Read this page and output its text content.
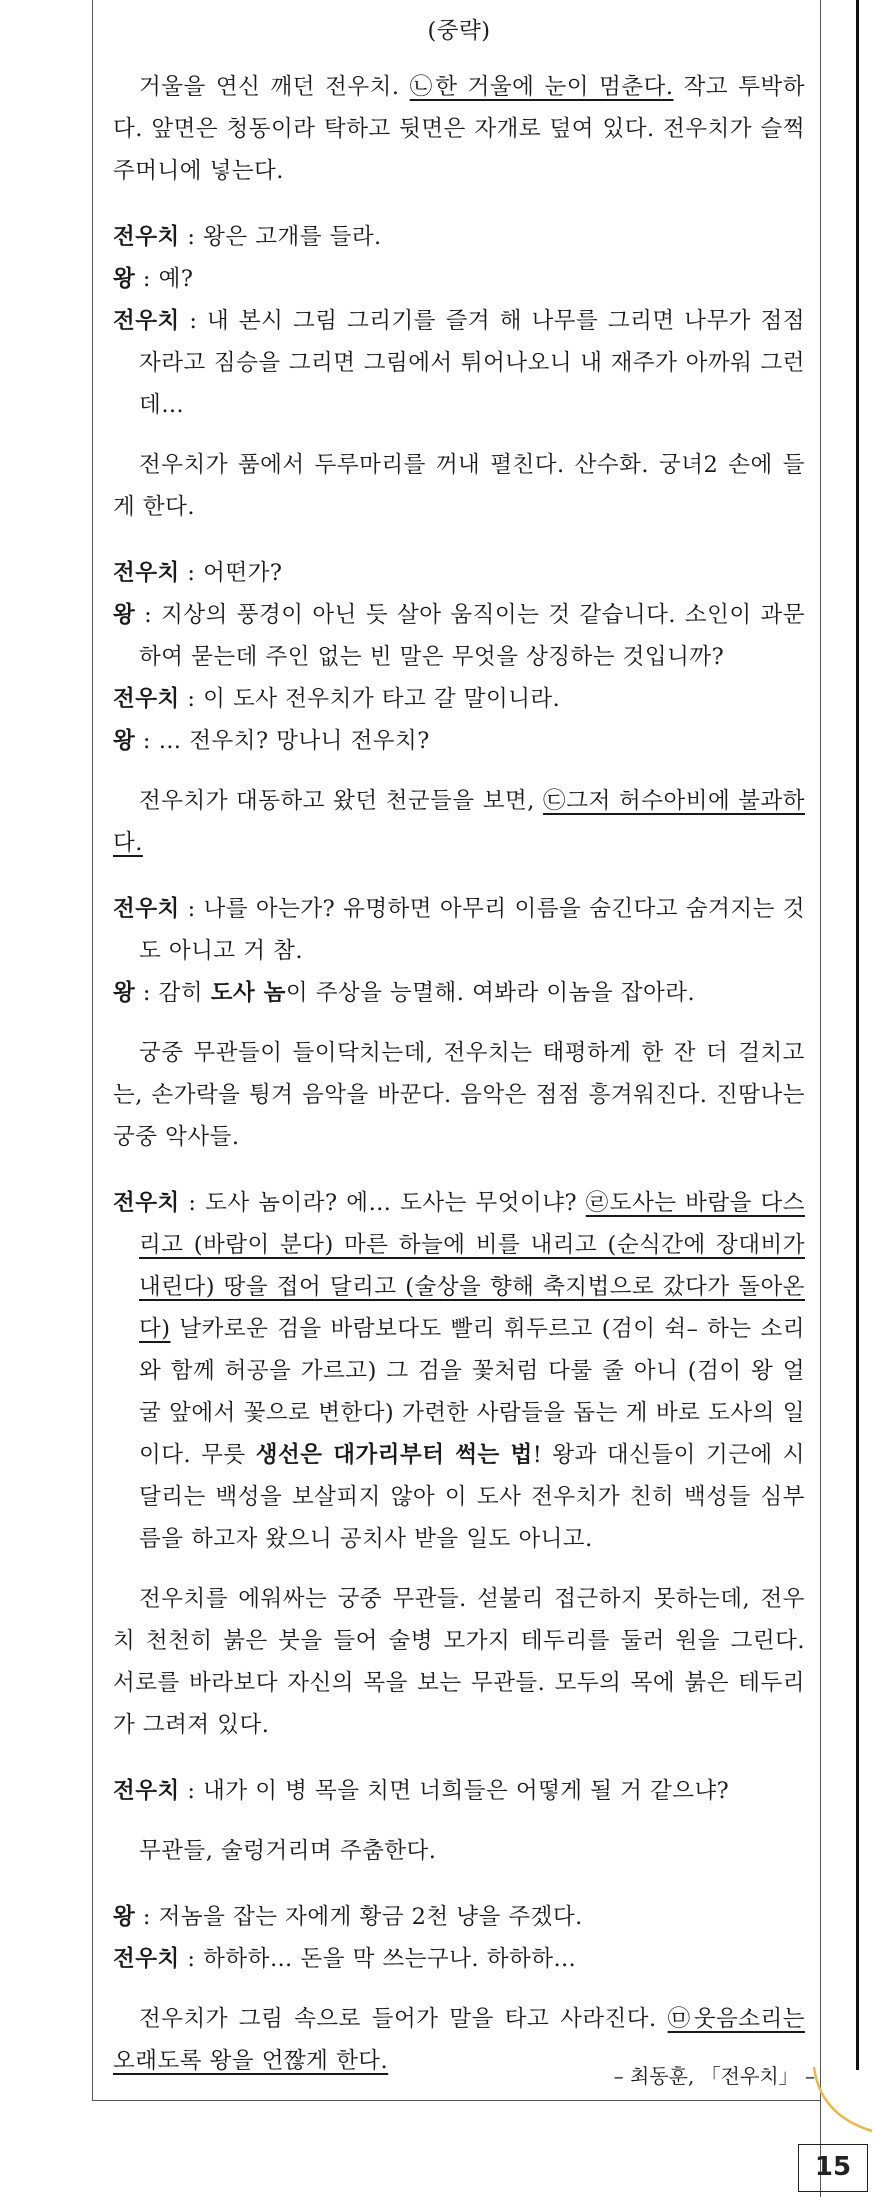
(중략)
거울을 연신 깨던 전우치. ㉡한 거울에 눈이 멈춘다. 작고 투박하다. 앞면은 청동이라 탁하고 뒷면은 자개로 덮여 있다. 전우치가 슬쩍 주머니에 넣는다.
전우치 : 왕은 고개를 들라.
왕 : 예?
전우치 : 내 본시 그림 그리기를 즐겨 해 나무를 그리면 나무가 점점 자라고 짐승을 그리면 그림에서 튀어나오니 내 재주가 아까워 그런데…
전우치가 품에서 두루마리를 꺼내 펼친다. 산수화. 궁녀2 손에 들게 한다.
전우치 : 어떤가?
왕 : 지상의 풍경이 아닌 듯 살아 움직이는 것 같습니다. 소인이 과문하여 묻는데 주인 없는 빈 말은 무엇을 상징하는 것입니까?
전우치 : 이 도사 전우치가 타고 갈 말이니라.
왕 : … 전우치? 망나니 전우치?
전우치가 대동하고 왔던 천군들을 보면, ㉢그저 허수아비에 불과하다.
전우치 : 나를 아는가? 유명하면 아무리 이름을 숨긴다고 숨겨지는 것도 아니고 거 참.
왕 : 감히 도사 놈이 주상을 능멸해. 여봐라 이놈을 잡아라.
궁중 무관들이 들이닥치는데, 전우치는 태평하게 한 잔 더 걸치고는, 손가락을 튕겨 음악을 바꾼다. 음악은 점점 흥겨워진다. 진땀나는 궁중 악사들.
전우치 : 도사 놈이라? 에… 도사는 무엇이냐? ㉣도사는 바람을 다스리고 (바람이 분다) 마른 하늘에 비를 내리고 (순식간에 장대비가 내린다) 땅을 접어 달리고 (술상을 향해 축지법으로 갔다가 돌아온다) 날카로운 검을 바람보다도 빨리 휘두르고 (검이 쉭– 하는 소리와 함께 허공을 가르고) 그 검을 꽃처럼 다룰 줄 아니 (검이 왕 얼굴 앞에서 꽃으로 변한다) 가련한 사람들을 돕는 게 바로 도사의 일이다. 무릇 생선은 대가리부터 썩는 법! 왕과 대신들이 기근에 시달리는 백성을 보살피지 않아 이 도사 전우치가 친히 백성들 심부름을 하고자 왔으니 공치사 받을 일도 아니고.
전우치를 에워싸는 궁중 무관들. 섣불리 접근하지 못하는데, 전우치 천천히 붉은 붓을 들어 술병 모가지 테두리를 둘러 원을 그린다. 서로를 바라보다 자신의 목을 보는 무관들. 모두의 목에 붉은 테두리가 그려져 있다.
전우치 : 내가 이 병 목을 치면 너희들은 어떻게 될 거 같으냐?
무관들, 술렁거리며 주춤한다.
왕 : 저놈을 잡는 자에게 황금 2천 냥을 주겠다.
전우치 : 하하하… 돈을 막 쓰는구나. 하하하…
전우치가 그림 속으로 들어가 말을 타고 사라진다. ㉤웃음소리는 오래도록 왕을 언짢게 한다.
– 최동훈, 「전우치」 –
15
